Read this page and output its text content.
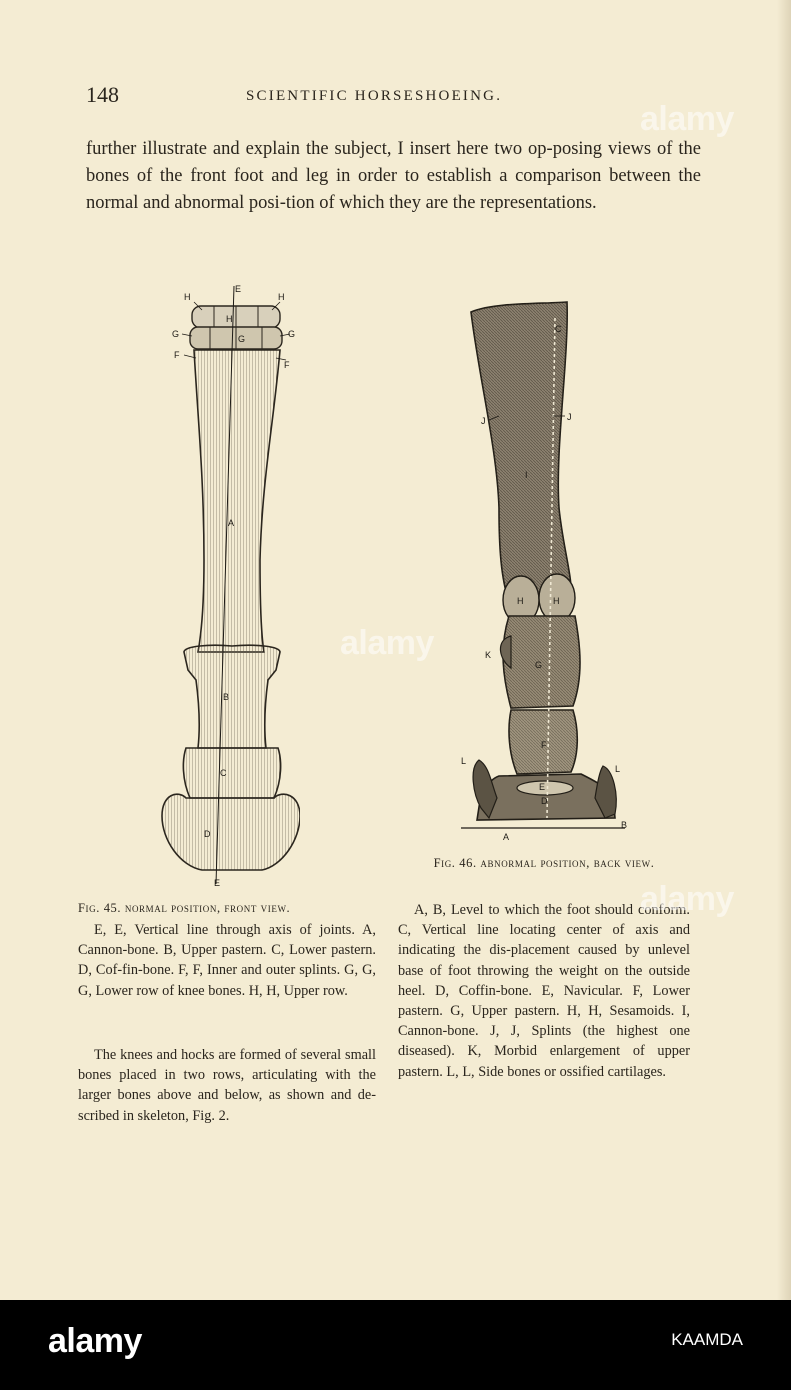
148	SCIENTIFIC HORSESHOEING.

further illustrate and explain the subject, I insert here two op-posing views of the bones of the front foot and leg in order to establish a comparison between the normal and abnormal posi-tion of which they are the representations.

E
H	H
H
G	G
G
F
F
A
B
C
D
E
C
J	J
I
H	H
K
G
F
L
L
E
D
A
B

Fig. 45. normal position, front view.

E, E, Vertical line through axis of joints. A, Cannon-bone. B, Upper pastern. C, Lower pastern. D, Cof-fin-bone. F, F, Inner and outer splints. G, G, G, Lower row of knee bones. H, H, Upper row.

The knees and hocks are formed of several small bones placed in two rows, articulating with the larger bones above and below, as shown and de-scribed in skeleton, Fig. 2.

Fig. 46. abnormal position, back view.

A, B, Level to which the foot should conform. C, Vertical line locating center of axis and indicating the dis-placement caused by unlevel base of foot throwing the weight on the outside heel. D, Coffin-bone. E, Navicular. F, Lower pastern. G, Upper pastern. H, H, Sesamoids. I, Cannon-bone. J, J, Splints (the highest one diseased). K, Morbid enlargement of upper pastern. L, L, Side bones or ossified cartilages.

alamy
alamy
alamy
alamy	KAAMDA
